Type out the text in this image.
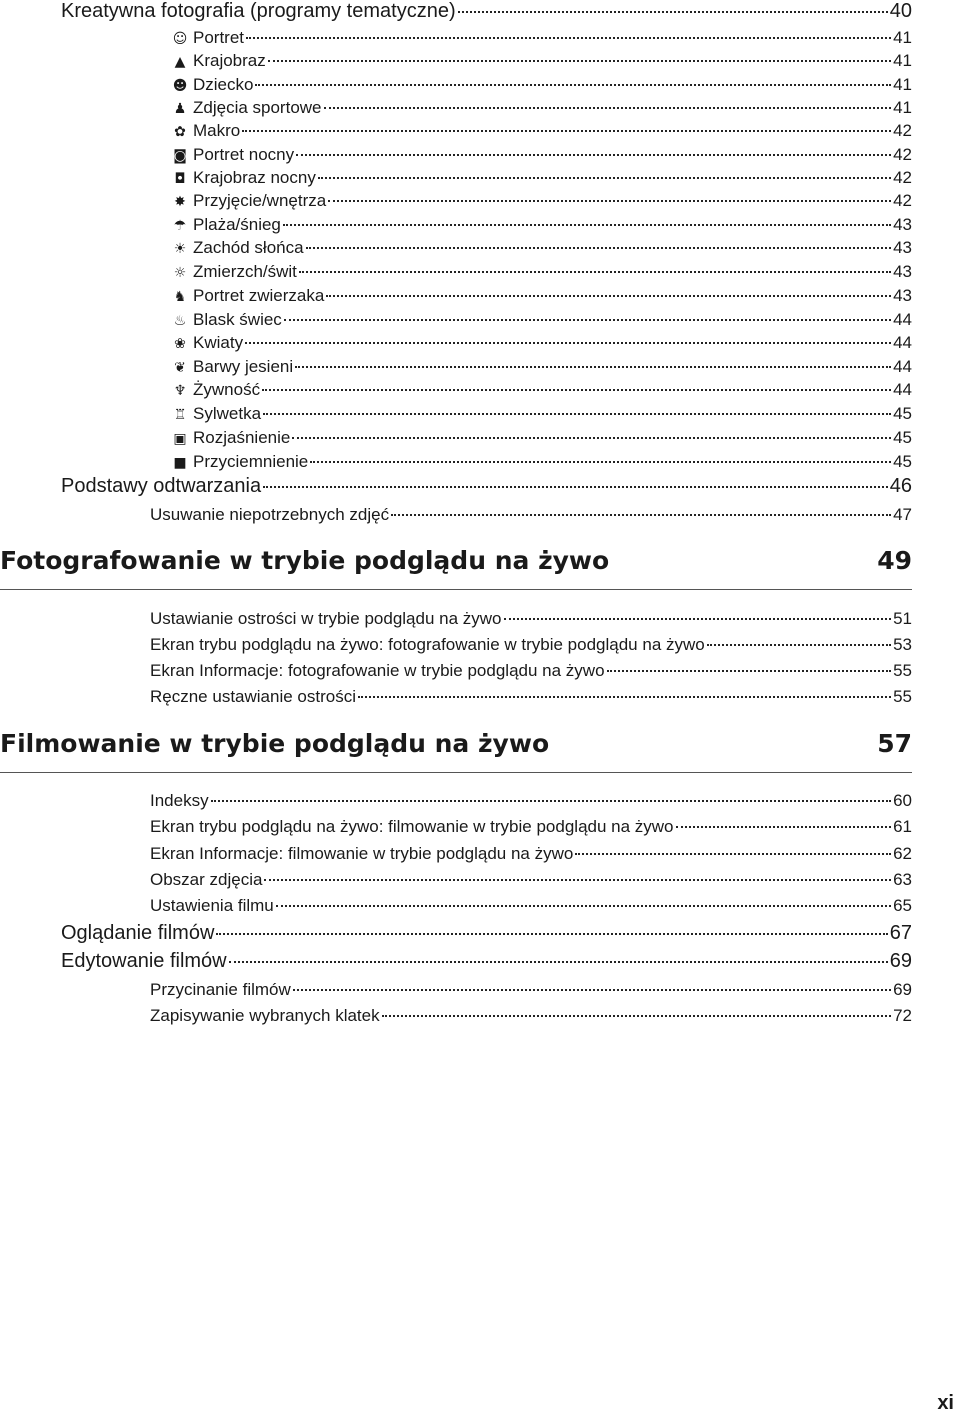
Kreatywna fotografia (programy tematyczne)	40
☺ Portret	41
▲ Krajobraz	41
☻ Dziecko	41
♟ Zdjęcia sportowe	41
✿ Makro	42
◙ Portret nocny	42
◘ Krajobraz nocny	42
✸ Przyjęcie/wnętrza	42
☂ Plaża/śnieg	43
☀ Zachód słońca	43
☼ Zmierzch/świt	43
♞ Portret zwierzaka	43
♨ Blask świec	44
❀ Kwiaty	44
❦ Barwy jesieni	44
♆ Żywność	44
♖ Sylwetka	45
▣ Rozjaśnienie	45
■ Przyciemnienie	45
Podstawy odtwarzania	46
Usuwanie niepotrzebnych zdjęć	47
Fotografowanie w trybie podglądu na żywo	49
Ustawianie ostrości w trybie podglądu na żywo	51
Ekran trybu podglądu na żywo: fotografowanie w trybie podglądu na żywo	53
Ekran Informacje: fotografowanie w trybie podglądu na żywo	55
Ręczne ustawianie ostrości	55
Filmowanie w trybie podglądu na żywo	57
Indeksy	60
Ekran trybu podglądu na żywo: filmowanie w trybie podglądu na żywo	61
Ekran Informacje: filmowanie w trybie podglądu na żywo	62
Obszar zdjęcia	63
Ustawienia filmu	65
Oglądanie filmów	67
Edytowanie filmów	69
Przycinanie filmów	69
Zapisywanie wybranych klatek	72
xi
